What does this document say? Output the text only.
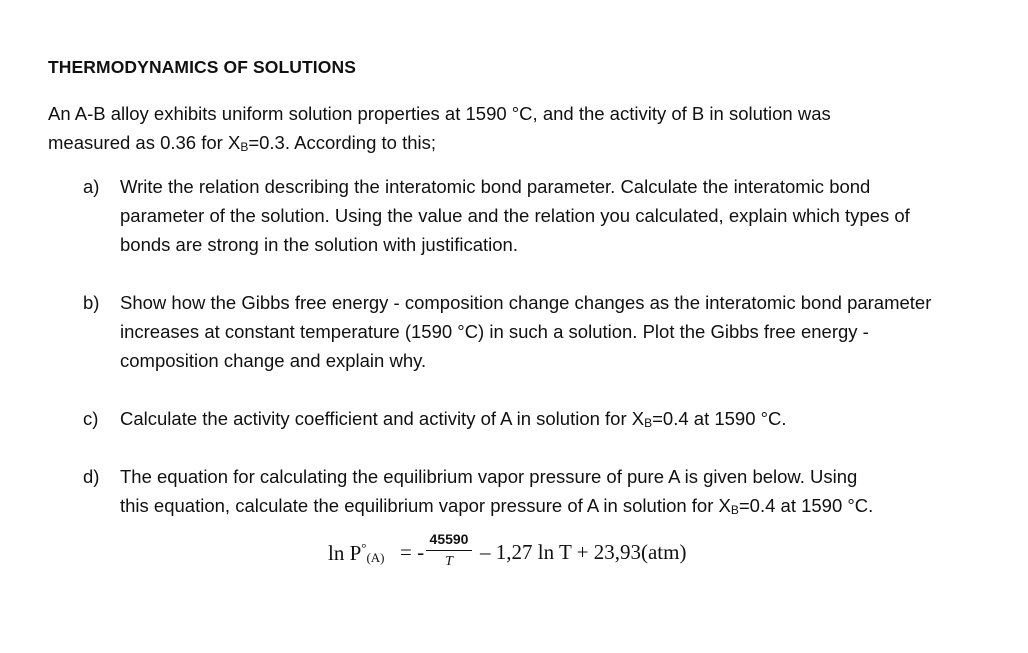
THERMODYNAMICS OF SOLUTIONS
An A-B alloy exhibits uniform solution properties at 1590 °C, and the activity of B in solution was
measured as 0.36 for $X_B=0.3$. According to this;
a) Write the relation describing the interatomic bond parameter. Calculate the interatomic bond parameter of the solution. Using the value and the relation you calculated, explain which types of bonds are strong in the solution with justification.
b) Show how the Gibbs free energy - composition change changes as the interatomic bond parameter increases at constant temperature (1590 °C) in such a solution. Plot the Gibbs free energy - composition change and explain why.
c) Calculate the activity coefficient and activity of A in solution for $X_B=0.4$ at 1590 °C.
d) The equation for calculating the equilibrium vapor pressure of pure A is given below. Using
this equation, calculate the equilibrium vapor pressure of A in solution for $X_B=0.4$ at 1590 °C.
$\ln P^\circ_{(A)}$ = -
45590
T	– 1,27 ln T + 23,93(atm)
